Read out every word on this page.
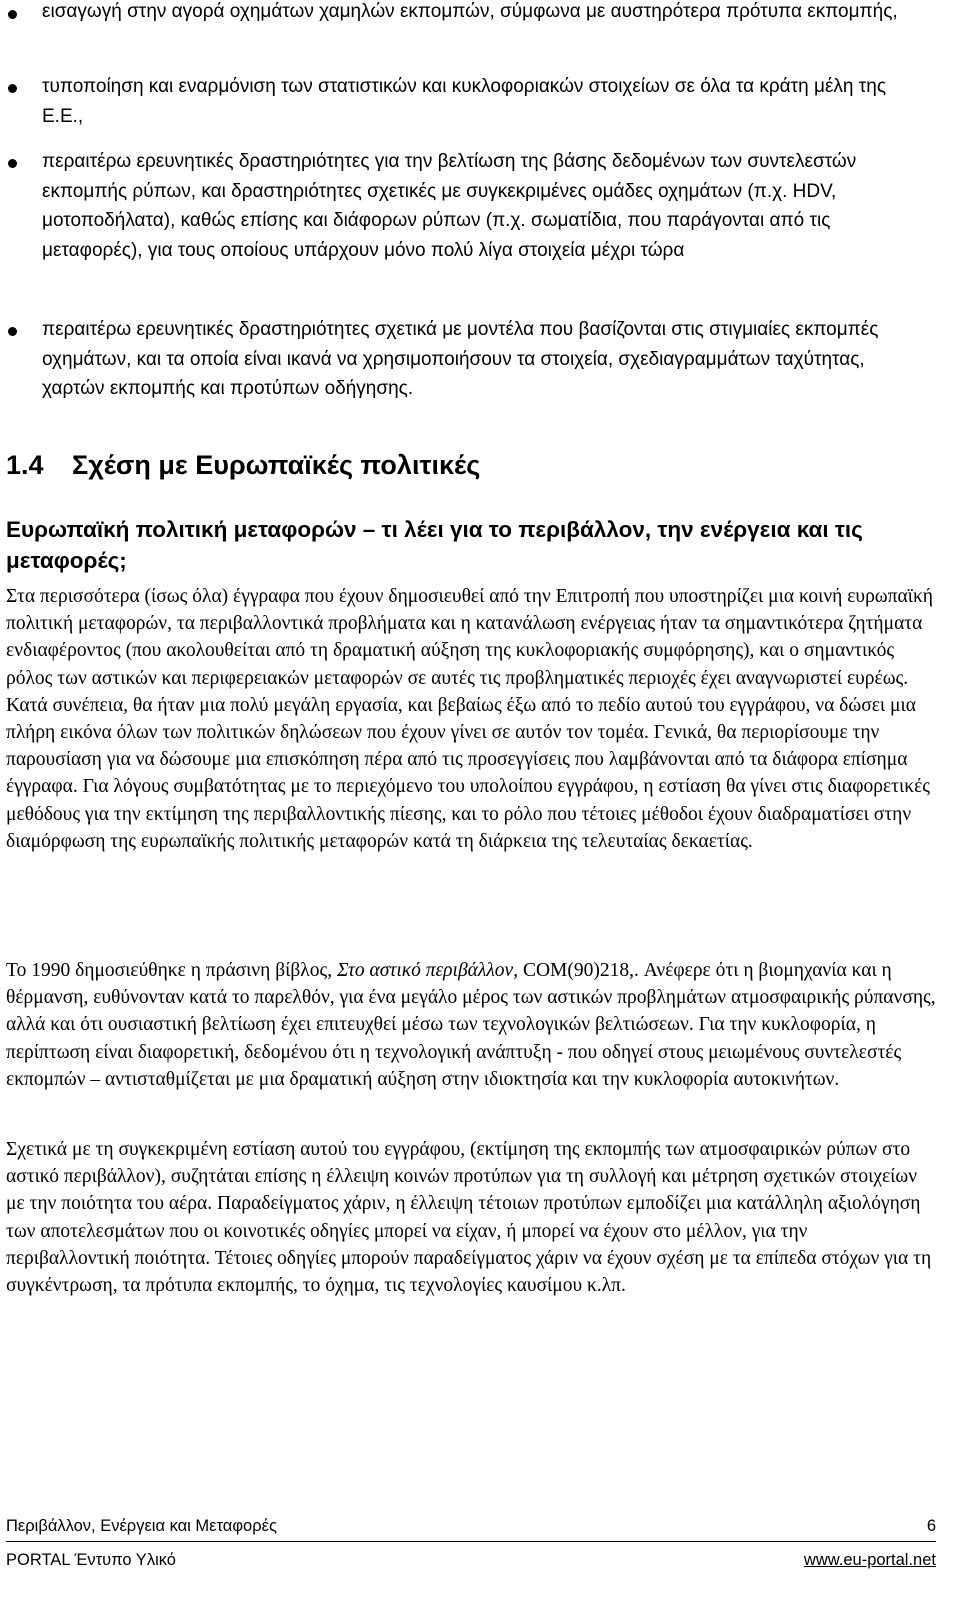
εισαγωγή στην αγορά οχημάτων χαμηλών εκπομπών, σύμφωνα με αυστηρότερα πρότυπα εκπομπής,

τυποποίηση και εναρμόνιση των στατιστικών και κυκλοφοριακών στοιχείων σε όλα τα κράτη μέλη της Ε.Ε.,

περαιτέρω ερευνητικές δραστηριότητες για την βελτίωση της βάσης δεδομένων των συντελεστών εκπομπής ρύπων, και δραστηριότητες σχετικές με συγκεκριμένες ομάδες οχημάτων (π.χ. HDV, μοτοποδήλατα), καθώς επίσης και διάφορων ρύπων (π.χ. σωματίδια, που παράγονται από τις μεταφορές), για τους οποίους υπάρχουν μόνο πολύ λίγα στοιχεία μέχρι τώρα

περαιτέρω ερευνητικές δραστηριότητες σχετικά με μοντέλα που βασίζονται στις στιγμιαίες εκπομπές οχημάτων, και τα οποία είναι ικανά να χρησιμοποιήσουν τα στοιχεία, σχεδιαγραμμάτων ταχύτητας, χαρτών εκπομπής και προτύπων οδήγησης.

1.4 Σχέση με Ευρωπαϊκές πολιτικές
Ευρωπαϊκή πολιτική μεταφορών – τι λέει για το περιβάλλον, την ενέργεια και τις μεταφορές;

Στα περισσότερα (ίσως όλα) έγγραφα που έχουν δημοσιευθεί από την Επιτροπή που υποστηρίζει μια κοινή ευρωπαϊκή πολιτική μεταφορών, τα περιβαλλοντικά προβλήματα και η κατανάλωση ενέργειας ήταν τα σημαντικότερα ζητήματα ενδιαφέροντος (που ακολουθείται από τη δραματική αύξηση της κυκλοφοριακής συμφόρησης), και ο σημαντικός ρόλος των αστικών και περιφερειακών μεταφορών σε αυτές τις προβληματικές περιοχές έχει αναγνωριστεί ευρέως. Κατά συνέπεια, θα ήταν μια πολύ μεγάλη εργασία, και βεβαίως έξω από το πεδίο αυτού του εγγράφου, να δώσει μια πλήρη εικόνα όλων των πολιτικών δηλώσεων που έχουν γίνει σε αυτόν τον τομέα. Γενικά, θα περιορίσουμε την παρουσίαση για να δώσουμε μια επισκόπηση πέρα από τις προσεγγίσεις που λαμβάνονται από τα διάφορα επίσημα έγγραφα. Για λόγους συμβατότητας με το περιεχόμενο του υπολοίπου εγγράφου, η εστίαση θα γίνει στις διαφορετικές μεθόδους για την εκτίμηση της περιβαλλοντικής πίεσης, και το ρόλο που τέτοιες μέθοδοι έχουν διαδραματίσει στην διαμόρφωση της ευρωπαϊκής πολιτικής μεταφορών κατά τη διάρκεια της τελευταίας δεκαετίας.

Το 1990 δημοσιεύθηκε η πράσινη βίβλος, Στο αστικό περιβάλλον, COM(90)218,. Ανέφερε ότι η βιομηχανία και η θέρμανση, ευθύνονταν κατά το παρελθόν, για ένα μεγάλο μέρος των αστικών προβλημάτων ατμοσφαιρικής ρύπανσης, αλλά και ότι ουσιαστική βελτίωση έχει επιτευχθεί μέσω των τεχνολογικών βελτιώσεων. Για την κυκλοφορία, η περίπτωση είναι διαφορετική, δεδομένου ότι η τεχνολογική ανάπτυξη - που οδηγεί στους μειωμένους συντελεστές εκπομπών – αντισταθμίζεται με μια δραματική αύξηση στην ιδιοκτησία και την κυκλοφορία αυτοκινήτων.

Σχετικά με τη συγκεκριμένη εστίαση αυτού του εγγράφου, (εκτίμηση της εκπομπής των ατμοσφαιρικών ρύπων στο αστικό περιβάλλον), συζητάται επίσης η έλλειψη κοινών προτύπων για τη συλλογή και μέτρηση σχετικών στοιχείων με την ποιότητα του αέρα. Παραδείγματος χάριν, η έλλειψη τέτοιων προτύπων εμποδίζει μια κατάλληλη αξιολόγηση των αποτελεσμάτων που οι κοινοτικές οδηγίες μπορεί να είχαν, ή μπορεί να έχουν στο μέλλον, για την περιβαλλοντική ποιότητα. Τέτοιες οδηγίες μπορούν παραδείγματος χάριν να έχουν σχέση με τα επίπεδα στόχων για τη συγκέντρωση, τα πρότυπα εκπομπής, το όχημα, τις τεχνολογίες καυσίμου κ.λπ.

Περιβάλλον, Ενέργεια και Μεταφορές	6
PORTAL Έντυπο Υλικό	www.eu-portal.net
